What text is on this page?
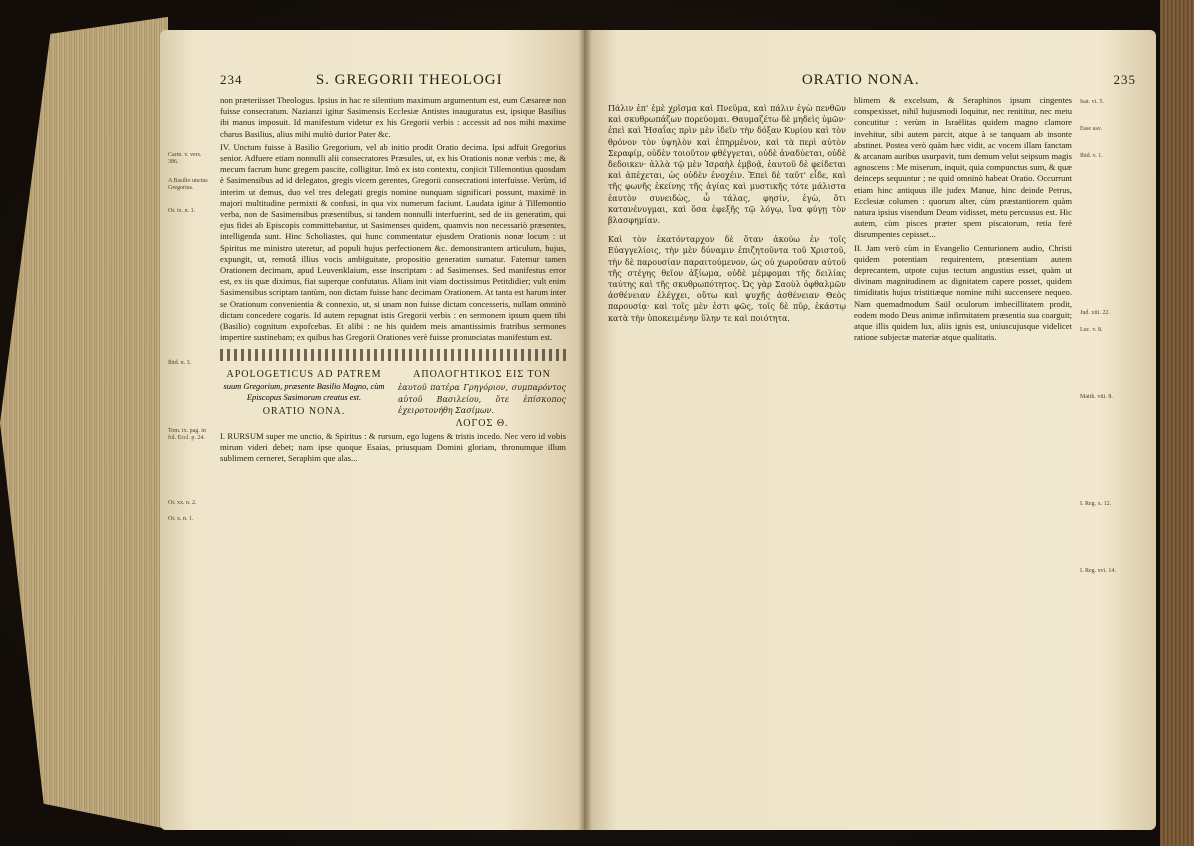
234	S. GREGORII THEOLOGI

non præteriisset Theologus. Ipsius in hac re silentium maximum argumentum est, eum Cæsareæ non fuisse consecratum. Nazianzi igitur Sasimensis Ecclesiæ Antistes inauguratus est, ipsique Basilius ibi manus imposuit. Id manifestum videtur ex his Gregorii verbis : accessit ad nos mihi maxime charus Basilius, alius mihi multò durior Pater &c.

IV. Unctum fuisse à Basilio Gregorium, vel ab initio prodit Oratio decima. Ipsi adfuit Gregorius senior. Adfuere etiam nonnulli alii consecratores Præsules, ut, ex his Orationis nonæ verbis : me, & mecum facrum hunc gregem pascite, colligitur. Imò ex isto contextu, conjicit Tillemontius quosdam è Sasimensibus ad id delegatos, gregis vicem gerentes, Gregorii consecrationi interfuisse. Verùm, id interim ut demus, duo vel tres delegati gregis nomine nunquam significari possunt, maximè in majori multitudine permixti & confusi, in qua vix numerum faciunt. Laudata igitur à Tillemontio verba, non de Sasimensibus præsentibus, si tandem nonnulli interfuerint, sed de iis generatim, qui ejus fidei ab Episcopis committebantur, ut Sasimenses quidem, quamvis non necessariò præsentes, intelligenda sunt. Hinc Scholiastes, qui hunc commentatur ejusdem Orationis nonæ locum : ut Spiritus me ministro uteretur, ad populi hujus perfectionem &c. demonstrantem articulum, hujus, expungit, ut, remotâ illius vocis ambiguitate, propositio generatim sumatur. Fatemur tamen Orationem decimam, apud Leuvenklaium, esse inscriptam : ad Sasimenses. Sed manifestus error est, ex iis quæ diximus, fiat superque confutatus. Aliam init viam doctissimus Petitdidier; vult enim Sasimensibus scriptam tantùm, non dictam fuisse hanc decimam Orationem. At tanta est harum inter se Orationum convenientia & connexio, ut, si unam non fuisse dictam concesseris, nullam omninò dictam concedere cogaris. Id autem repugnat istis Gregorii verbis : en sermonem ipsum quem tibi (Basilio) cognitum expofcebas. Et alibi : ne his quidem meis amantissimis fratribus sermones impertire sustinebam; ex quibus has Gregorii Orationes verè fuisse pronunciatas manifestum est.

APOLOGETICUS AD PATREM
suum Gregorium, præsente Basilio Magno, cùm Episcopus Sasimorum creatus est.
ORATIO NONA.
ΑΠΟΛΟΓΗΤΙΚΟΣ ΕΙΣ ΤΟΝ
ἑαυτοῦ πατέρα Γρηγόριον, συμπαρόντος αὐτοῦ Βασιλείου, ὅτε ἐπίσκοπος ἐχειροτονήθη Σασίμων.
ΛΟΓΟΣ Θ.
I. RURSUM super me unctio, & Spiritus : & rursum, ego lugens & tristis incedo. Nec vero id vobis mirum videri debet; nam ipse quoque Esaias, priusquam Domini gloriam, thronumque illum sublimem cerneret, Seraphim que alas...
Carm. v. vers. 386.
A Basilio unctus Gregorius.
Or. ix. n. 1.
Ibid. n. 3.
Tom. ix. pag. in fol. Eccl. p. 24.
Or. xx. n. 2.
Or. x. n. 1.
ORATIO NONA.	235

Πάλιν ἐπ' ἐμὲ χρῖσμα καὶ Πνεῦμα, καὶ πάλιν ἐγὼ πενθῶν καὶ σκυθρωπάζων πορεύομαι. Θαυμαζέτω δὲ μηδεὶς ὑμῶν· ἐπεὶ καὶ Ἡσαΐας πρὶν μὲν ἰδεῖν τὴν δόξαν Κυρίου καὶ τὸν θρόνον τὸν ὑψηλὸν καὶ ἐπηρμένον, καὶ τὰ περὶ αὐτὸν Σεραφίμ, οὐδὲν τοιοῦτον φθέγγεται, οὐδὲ ἀναδύεται, οὐδὲ δεδοικεν· ἀλλὰ τῷ μὲν Ἰσραὴλ ἐμβοᾷ, ἑαυτοῦ δὲ φείδεται καὶ ἀπέχεται, ὡς οὐδὲν ἐνοχέιν. Ἐπεὶ δὲ ταῦτ' εἶδε, καὶ τῆς φωνῆς ἐκείνης τῆς ἁγίας καὶ μυστικῆς τότε μάλιστα ἑαυτὸν συνειδὼς, ὦ τάλας, φησίν, ἐγὼ, ὅτι κατανένυγμαι, καὶ ὅσα ἐφεξῆς τῷ λόγῳ, ἵνα φύγῃ τὸν βλασφημίαν.

Καὶ τὸν ἑκατόνταρχον δὲ ὅταν ἀκούω ἐν τοῖς Εὐαγγελίοις, τὴν μὲν δύναμιν ἐπιζητοῦντα τοῦ Χριστοῦ, τὴν δὲ παρουσίαν παραιτούμενον, ὡς οὐ χωροῦσαν αὐτοῦ τῆς στέγης θεῖον ἀξίωμα, οὐδὲ μέμφομαι τῆς δειλίας ταύτης καὶ τῆς σκυθρωπότητος. Ὡς γὰρ Σαοὺλ ὀφθαλμῶν ἀσθένειαν ἐλέγχει, οὕτω καὶ ψυχῆς ἀσθένειαν Θεὸς παρουσίᾳ· καὶ τοῖς μὲν ἐστι φῶς, τοῖς δὲ πῦρ, ἑκάστῳ κατὰ τὴν ὑποκειμένην ὕλην τε καὶ ποιότητα.

blimem & excelsum, & Seraphinos ipsum cingentes conspexisset, nihil hujusmodi loquitur, nec renititur, nec metu concutitur : verùm in Israëlitas quidem magno clamore invehitur, sibi autem parcit, atque à se tanquam ab insonte abstinet. Postea verò quàm hæc vidit, ac vocem illam fanctam & arcanam auribus usurpavit, tum demum velut seipsum magis agnoscens : Me miserum, inquit, quia compunctus sum, & quæ deinceps sequuntur ; ne quid omninò habeat Oratio. Occurrunt etiam hinc antiquus ille judex Manue, hinc deinde Petrus, Ecclesiæ columen : quorum alter, cùm præstantiorem quàm natura ipsius visendum Deum vidisset, metu percussus est. Hic autem, cùm pisces præter spem piscatorum, retia ferè disrumpentes cepisset...

II. Jam verò cùm in Evangelio Centurionem audio, Christi quidem potentiam requirentem, præsentiam autem deprecantem, utpote cujus tectum angustius esset, quàm ut divinam magnitudinem ac dignitatem capere posset, quidem timiditatis hujus tristitiæque nomine mihi succensere nequeo. Nam quemadmodum Saül oculorum imbecillitatem prodit, eodem modo Deus animæ infirmitatem præsentia sua coarguit; atque illis quidem lux, aliis ignis est, uniuscujusque videlicet ratione subjectæ materiæ atque qualitatis.

Isai. vi. 5.
Esse ιων.
Ibid. v. 1.
Jud. xiii. 22.
Luc. v. 8.
Matth. viii. 8.
I. Reg. x. 12.
I. Reg. xvi. 14.
